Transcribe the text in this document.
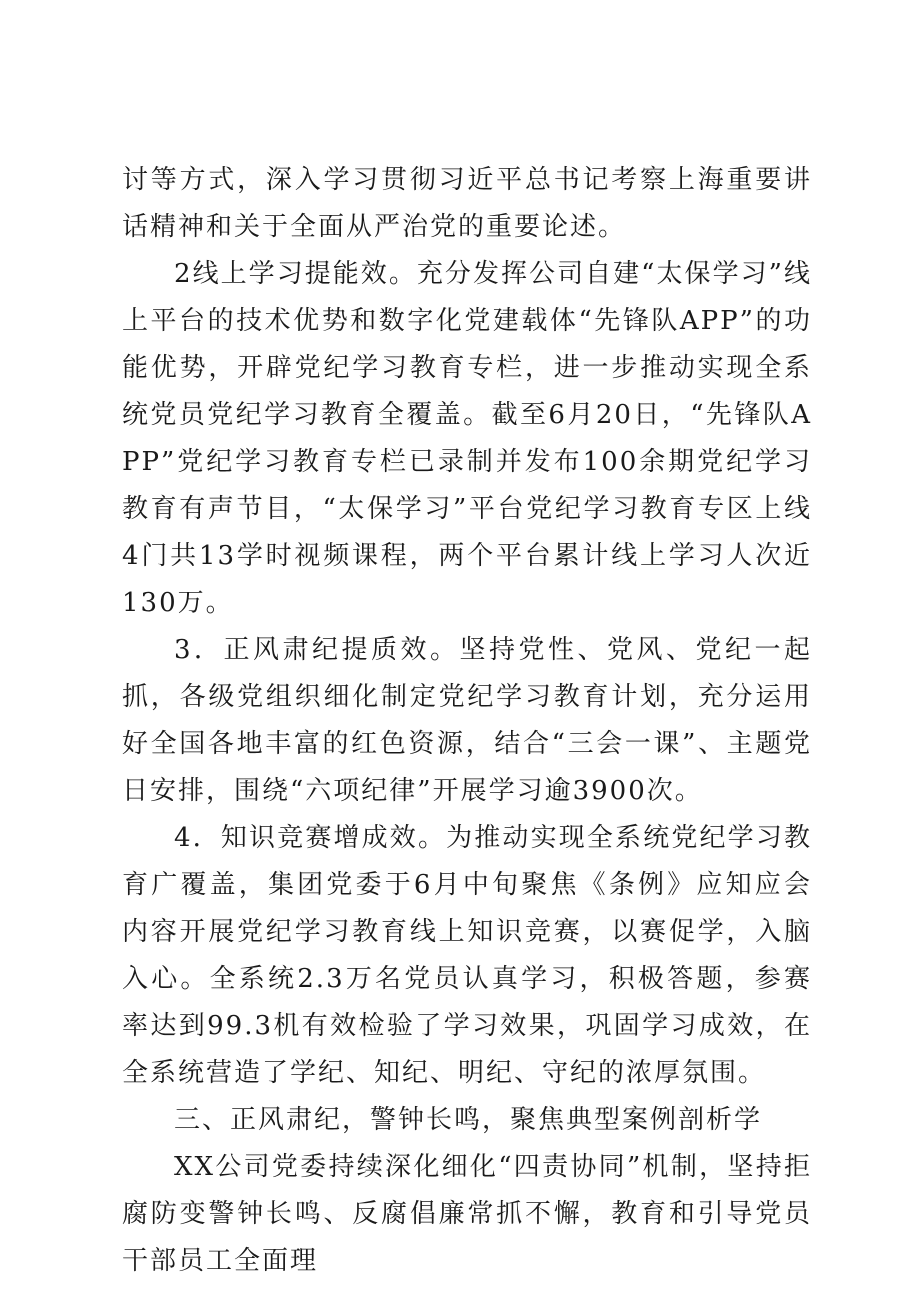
讨等方式，深入学习贯彻习近平总书记考察上海重要讲话精神和关于全面从严治党的重要论述。

2线上学习提能效。充分发挥公司自建“太保学习”线上平台的技术优势和数字化党建载体“先锋队APP”的功能优势，开辟党纪学习教育专栏，进一步推动实现全系统党员党纪学习教育全覆盖。截至6月20日，“先锋队APP”党纪学习教育专栏已录制并发布100余期党纪学习教育有声节目，“太保学习”平台党纪学习教育专区上线4门共13学时视频课程，两个平台累计线上学习人次近130万。

3．正风肃纪提质效。坚持党性、党风、党纪一起抓，各级党组织细化制定党纪学习教育计划，充分运用好全国各地丰富的红色资源，结合“三会一课”、主题党日安排，围绕“六项纪律”开展学习逾3900次。

4．知识竞赛增成效。为推动实现全系统党纪学习教育广覆盖，集团党委于6月中旬聚焦《条例》应知应会内容开展党纪学习教育线上知识竞赛，以赛促学，入脑入心。全系统2.3万名党员认真学习，积极答题，参赛率达到99.3机有效检验了学习效果，巩固学习成效，在全系统营造了学纪、知纪、明纪、守纪的浓厚氛围。

三、正风肃纪，警钟长鸣，聚焦典型案例剖析学

XX公司党委持续深化细化“四责协同”机制，坚持拒腐防变警钟长鸣、反腐倡廉常抓不懈，教育和引导党员干部员工全面理
